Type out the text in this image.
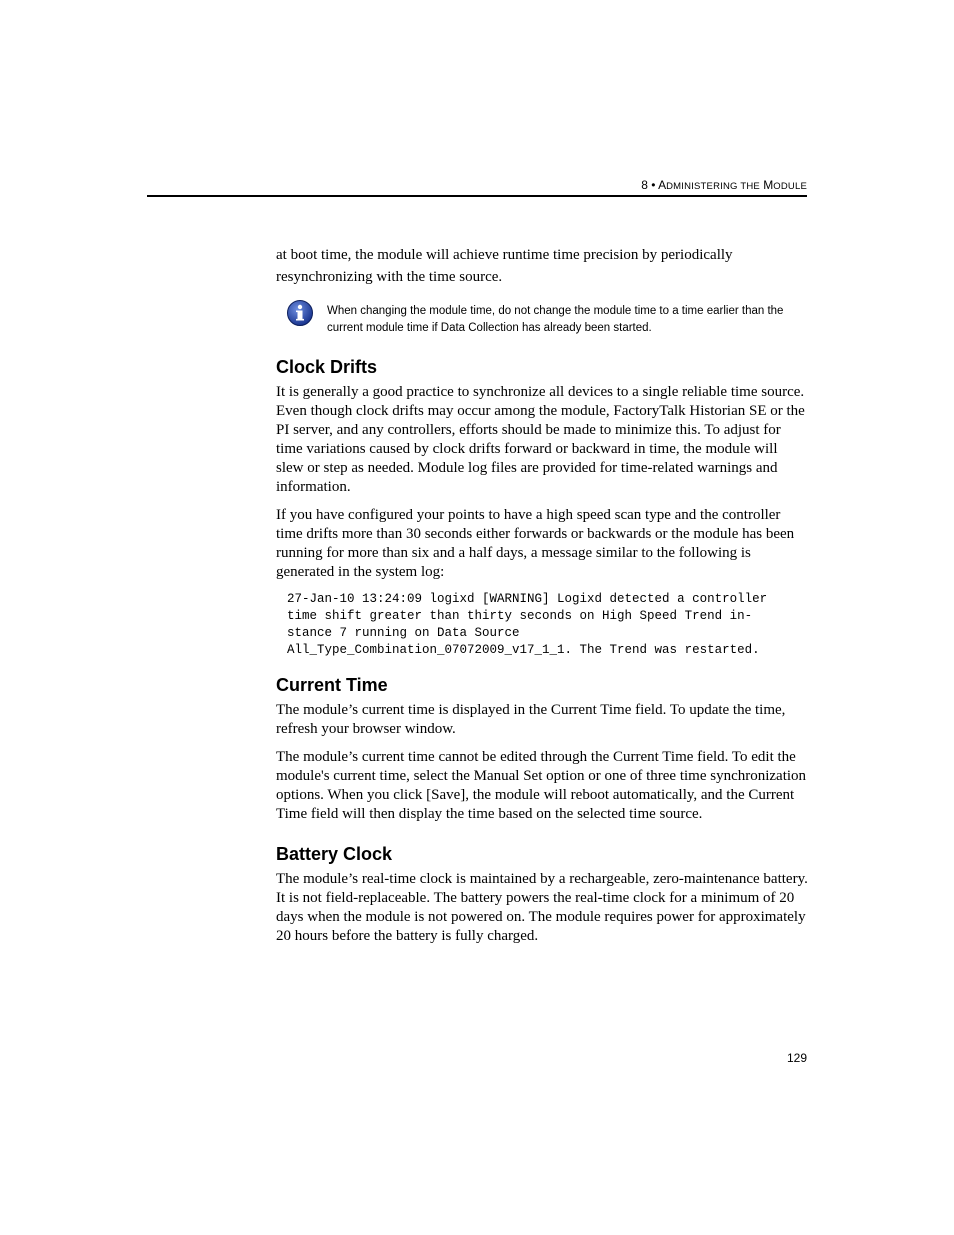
8 • ADMINISTERING THE MODULE

at boot time, the module will achieve runtime time precision by periodically resynchronizing with the time source.

When changing the module time, do not change the module time to a time earlier than the current module time if Data Collection has already been started.
Clock Drifts

It is generally a good practice to synchronize all devices to a single reliable time source. Even though clock drifts may occur among the module, FactoryTalk Historian SE or the PI server, and any controllers, efforts should be made to minimize this. To adjust for time variations caused by clock drifts forward or backward in time, the module will slew or step as needed. Module log files are provided for time-related warnings and information.

If you have configured your points to have a high speed scan type and the controller time drifts more than 30 seconds either forwards or backwards or the module has been running for more than six and a half days, a message similar to the following is generated in the system log:

27-Jan-10 13:24:09 logixd [WARNING] Logixd detected a controller
time shift greater than thirty seconds on High Speed Trend in-
stance 7 running on Data Source
All_Type_Combination_07072009_v17_1_1. The Trend was restarted.
Current Time

The module’s current time is displayed in the Current Time field. To update the time, refresh your browser window.

The module’s current time cannot be edited through the Current Time field. To edit the module's current time, select the Manual Set option or one of three time synchronization options. When you click [Save], the module will reboot automatically, and the Current Time field will then display the time based on the selected time source.

Battery Clock

The module’s real-time clock is maintained by a rechargeable, zero-maintenance battery. It is not field-replaceable. The battery powers the real-time clock for a minimum of 20 days when the module is not powered on. The module requires power for approximately 20 hours before the battery is fully charged.

129
